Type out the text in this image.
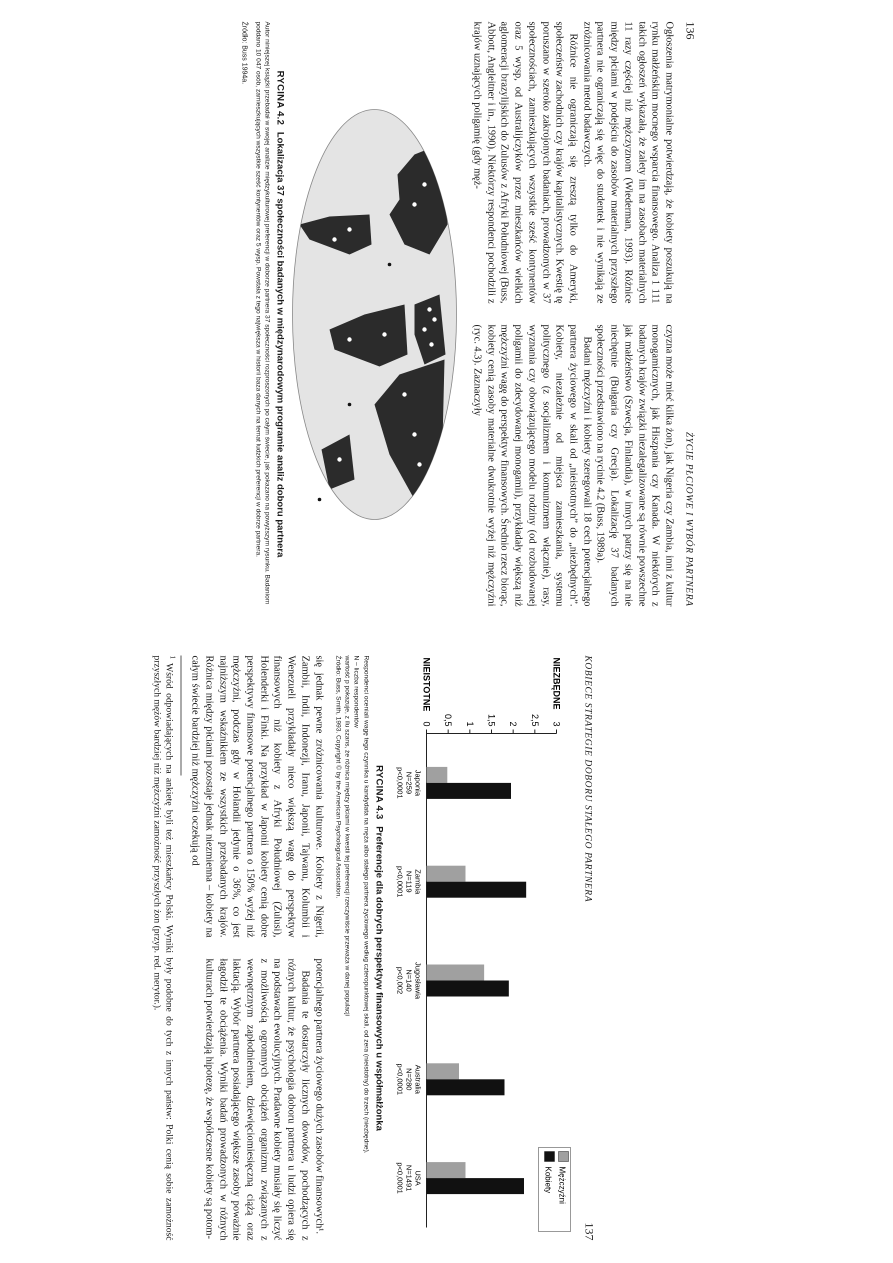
136
ŻYCIE PŁCIOWE I WYBÓR PARTNERA

Ogłoszenia matrymonialne potwierdzają, że kobiety poszukują na rynku małżeńskim mocnego wsparcia finansowego. Analiza 1 111 takich ogłoszeń wykazała, że zalety im na zasobach materialnych 11 razy częściej niż mężczyznom (Wiederman, 1993). Różnice między płciami w podejściu do zasobów materialnych przyszłego partnera nie ograniczają się więc do studentek i nie wynikają ze zróżnicowania metod badawczych.

Różnice nie ograniczają się zresztą tylko do Ameryki, społeczeństw zachodnich czy krajów kapitalistycznych. Kwestię tę poruszano w szeroko zakrojonych badaniach, prowadzonych w 37 społecznościach, zamieszkujących wszystkie sześć kontynentów oraz 5 wysp, od Australijczyków przez mieszkańców wielkich aglomeracji brazylijskich do Zulusów z Afryki Południowej (Buss, Abbott, Angleitner i in., 1990). Niektórzy respondenci pochodzili z krajów uznających poligamię (gdy męż-

czyzna może mieć kilka żon), jak Nigeria czy Zambia, inni z kultur monogamicznych, jak Hiszpania czy Kanada. W niektórych z badanych krajów związki niezalegalizowane są równie powszechne jak małżeństwo (Szwecja, Finlandia), w innych patrzy się na nie niechętnie (Bułgaria czy Grecja). Lokalizację 37 badanych społeczności przedstawiono na rycinie 4.2 (Buss, 1989a).

Badani mężczyźni i kobiety szeregowali 18 cech potencjalnego partnera życiowego w skali od „nieistotnych” do „niezbędnych”. Kobiety, niezależnie od miejsca zamieszkania, systemu politycznego (z socjalizmem i komunizmem włącznie), rasy, wyznania czy obowiązującego modelu rodziny (od rozbudowanej poligamii do zdecydowanej monogamii), przykładały większą niż mężczyźni wagę do perspektyw finansowych. Średnio rzecz biorąc, kobiety cenią zasoby materialne dwukrotnie wyżej niż mężczyźni (ryc. 4.3). Zaznaczyły

RYCINA 4.2 Lokalizacja 37 społeczności badanych w międzynarodowym programie analiz doboru partnera
Autor niniejszej książki przebadał w swojej analizie międzykulturowej preferencji w doborze partnera 37 społeczności rozproszonych po całym świecie, jak pokazano na powyższym rysunku. Badaniom poddano 10 047 osób, zamieszkujących wszystkie sześć kontynentów oraz 5 wysp. Powstała z tego największa w historii baza danych na temat ludzkich preferencji w dobrze partnera.
Źródło: Buss 1994a.
KOBIECE STRATEGIE DOBORU STAŁEGO PARTNERA
137
NIEZBĘDNE
NIEISTOTNE
0 0,5 1 1,5 2 2,5 3
Japonia
N=259
p<0,0001
Zambia
N=119
p<0,0001
Jugosławia
N=140
p<0,002
Australia
N=280
p<0,0001
USA
N=1491
p<0,0001	Mężczyźni
Kobiety
RYCINA 4.3 Preferencje dla dobrych perspektyw finansowych u współmałżonka
Respondenci oceniali wagę tego czynnika u kandydata na męża albo stałego partnera życiowego według czteropunktowej skali, od zera (nieistotny) do trzech (niezbędne).
N – liczba respondentów
wartość p pokazuje, z ilu szans, że różnica między płciami w kwestii tej preferencji rzeczywiście przeważa w danej populacji
Źródło: Buss, Smith, 1993. Copyright © by the American Psychological Association.

się jednak pewne zróżnicowania kulturowe. Kobiety z Nigerii, Zambii, Indii, Indonezji, Iranu, Japonii, Tajwanu, Kolumbii i Wenezueli przykładały nieco większą wagę do perspektyw finansowych niż kobiety z Afryki Południowej (Zulusi), Holenderki i Finki. Na przykład w Japonii kobiety cenią dobre perspektywy finansowe potencjalnego partnera o 150% wyżej niż mężczyźni, podczas gdy w Holandii jedynie o 36%, co jest najniższym wskaźnikiem ze wszystkich przebadanych krajów. Różnica między płciami pozostaje jednak niezmienna – kobiety na całym świecie bardziej niż mężczyźni oczekują od

potencjalnego partnera życiowego dużych zasobów finansowych¹.

Badania te dostarczyły licznych dowodów, pochodzących z różnych kultur, że psychologia doboru partnera u ludzi opiera się na podstawach ewolucyjnych. Pradawne kobiety musiały się liczyć z możliwością ogromnych obciążeń organizmu związanych z wewnętrznym zapłodnieniem, dziewięciomiesięczną ciążą oraz laktacją. Wybór partnera posiadającego większe zasoby poważnie łagodził te obciążenia. Wyniki badań prowadzonych w różnych kulturach potwierdzają hipotezę, że współczesne kobiety są potom-

$^1$ Wśród odpowiadających na ankietę byli też mieszkańcy Polski. Wyniki były podobne do tych z innych państw: Polki cenią sobie zamożność przyszłych mężów bardziej niż mężczyźni zamożność przyszłych żon (przyp. red. merytor.).
